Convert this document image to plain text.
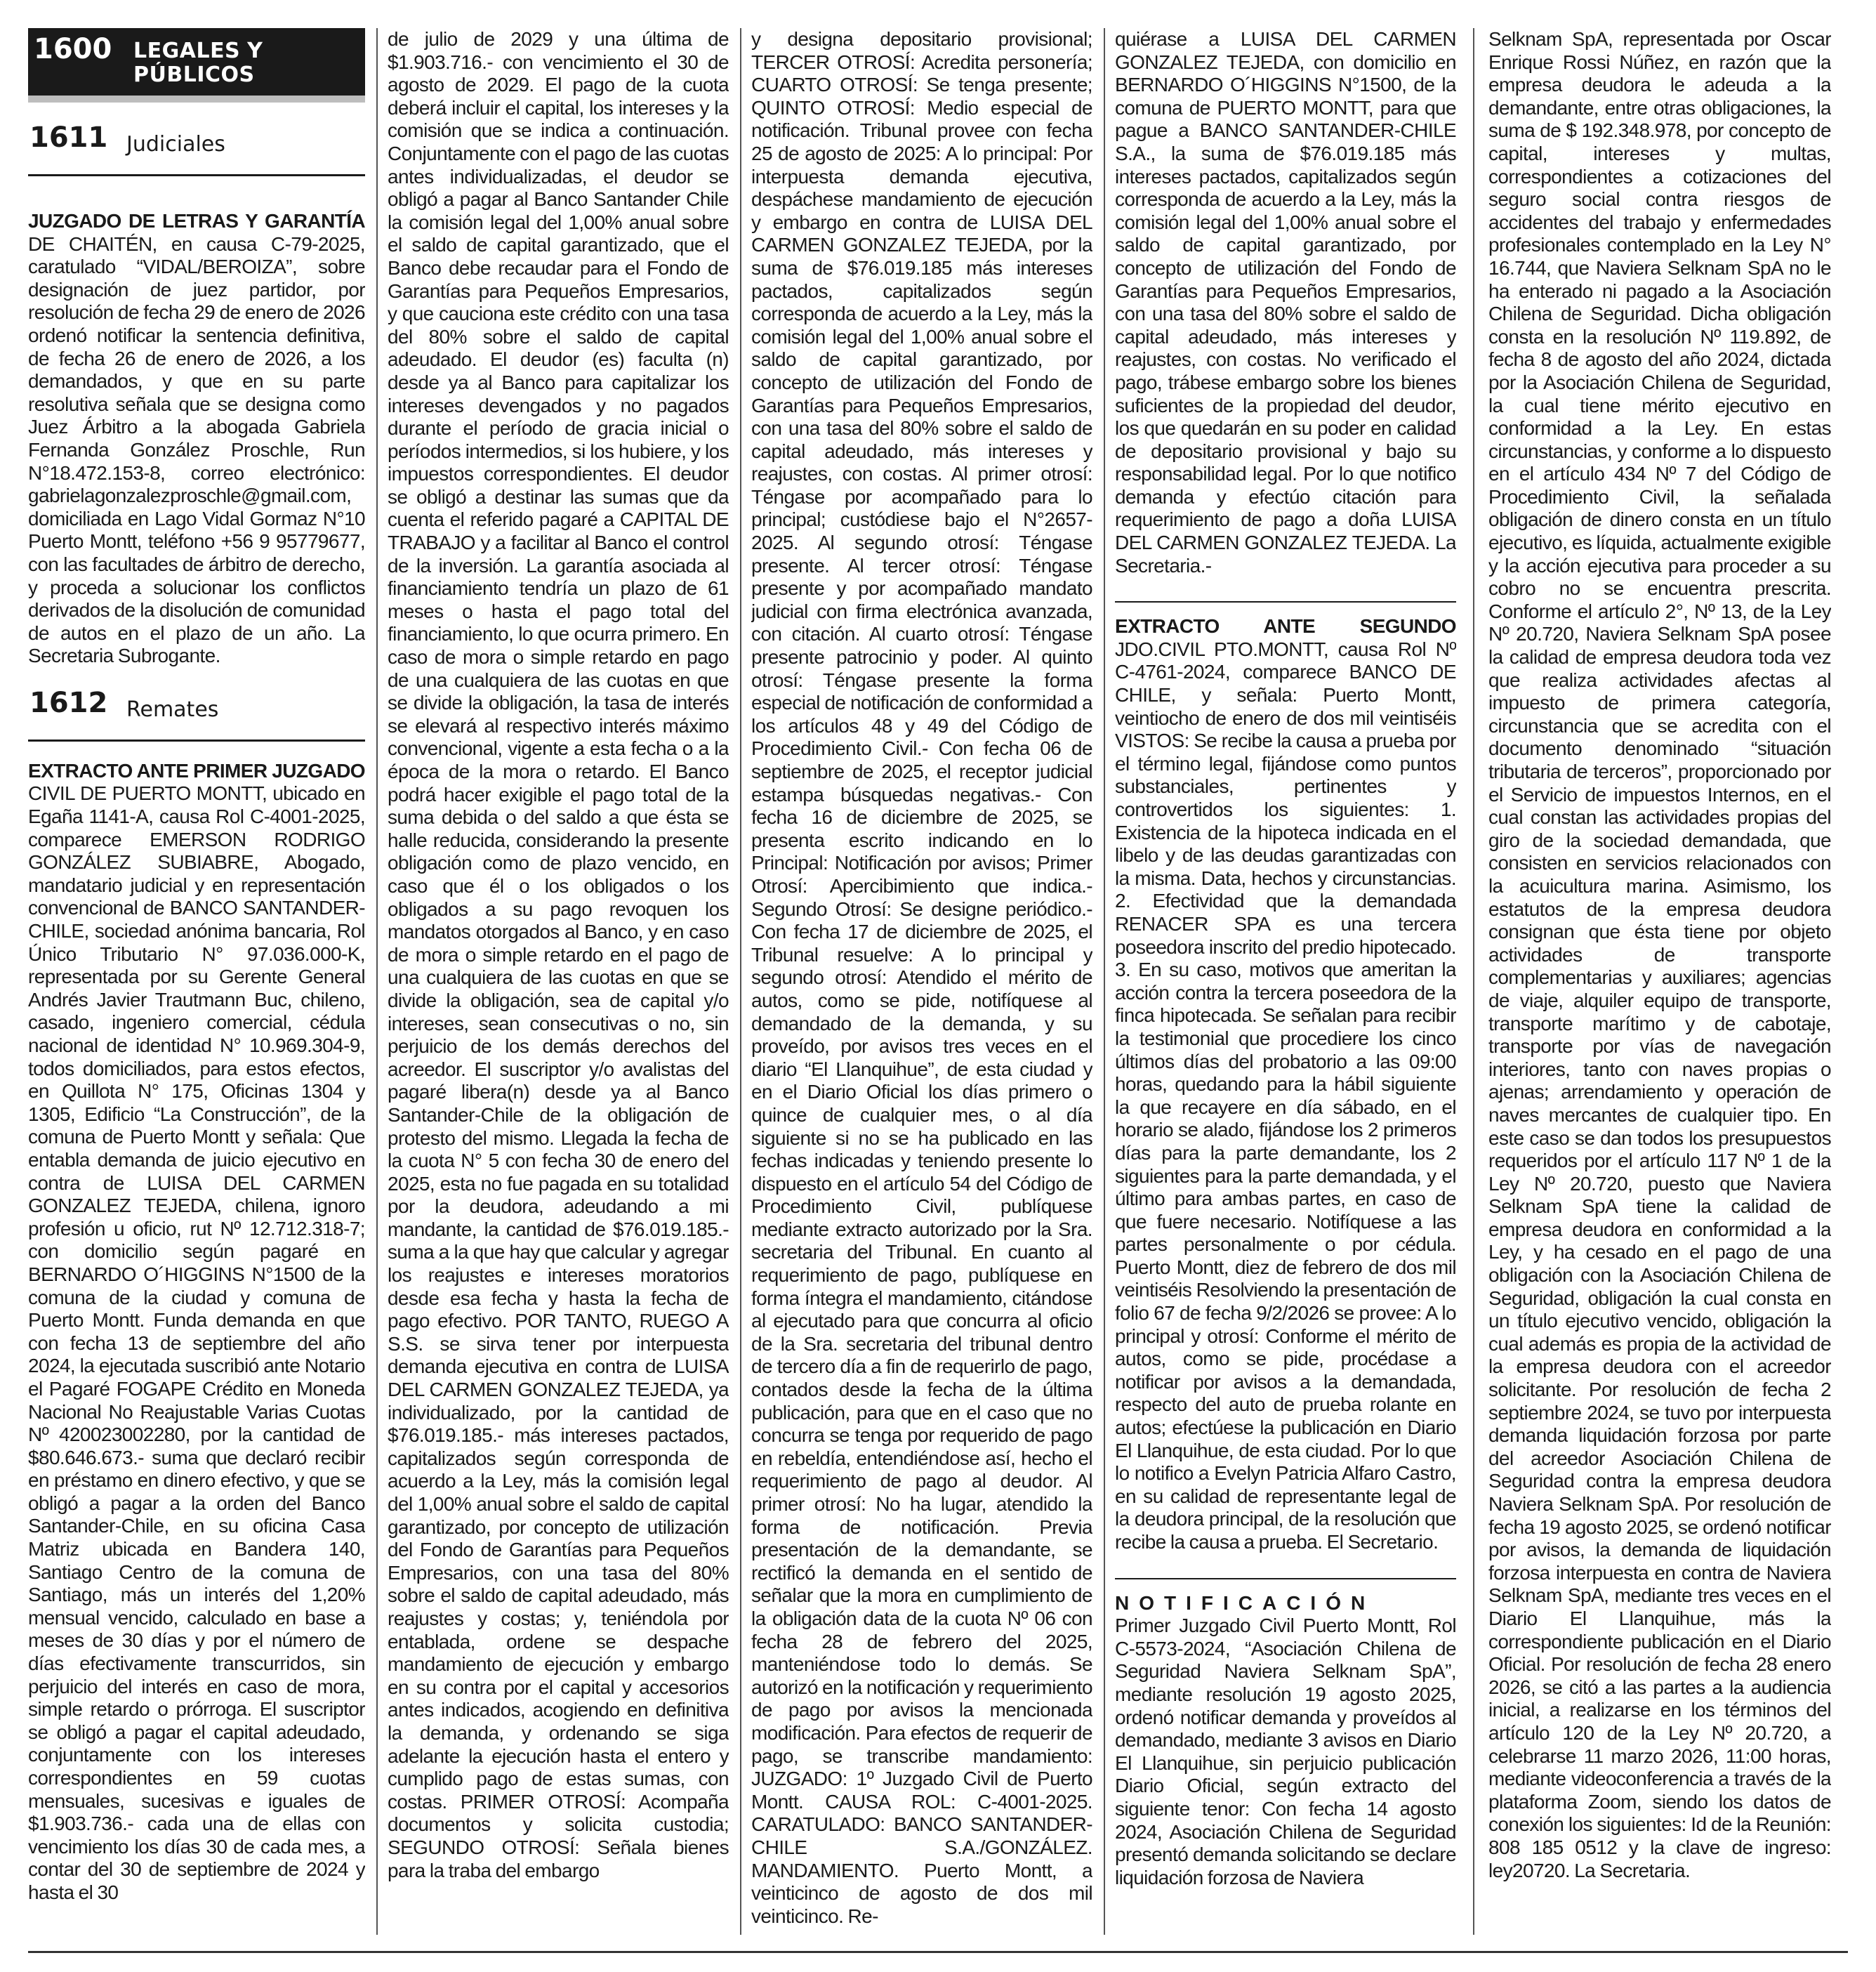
1600 LEGALES Y
PÚBLICOS
1611 Judiciales

JUZGADO DE LETRAS Y GARANTÍA DE CHAITÉN, en causa C-79-2025, caratulado “VIDAL/BEROIZA”, sobre designación de juez partidor, por resolución de fecha 29 de enero de 2026 ordenó notificar la sentencia definitiva, de fecha 26 de enero de 2026, a los demandados, y que en su parte resolutiva señala que se designa como Juez Árbitro a la abogada Gabriela Fernanda González Proschle, Run N°18.472.153-8, correo electrónico: gabrielagonzalezproschle@gmail.com, domiciliada en Lago Vidal Gormaz N°10 Puerto Montt, teléfono +56 9 95779677, con las facultades de árbitro de derecho, y procedа a solucionar los conflictos derivados de la disolución de comunidad de autos en el plazo de un año. La Secretaria Subrogante.

1612 Remates

EXTRACTO ANTE PRIMER JUZGADO CIVIL DE PUERTO MONTT, ubicado en Egaña 1141-A, causa Rol C-4001-2025, comparece EMERSON RODRIGO GONZÁLEZ SUBIABRE, Abogado, mandatario judicial y en representación convencional de BANCO SANTANDER-CHILE, sociedad anónima bancaria, Rol Único Tributario N° 97.036.000-K, representada por su Gerente General Andrés Javier Trautmann Buc, chileno, casado, ingeniero comercial, cédula nacional de identidad N° 10.969.304-9, todos domiciliados, para estos efectos, en Quillota N° 175, Oficinas 1304 y 1305, Edificio “La Construcción”, de la comuna de Puerto Montt y señala: Que entabla demanda de juicio ejecutivo en contra de LUISA DEL CARMEN GONZALEZ TEJEDA, chilena, ignoro profesión u oficio, rut Nº 12.712.318-7; con domicilio según pagaré en BERNARDO O´HIGGINS N°1500 de la comuna de la ciudad y comuna de Puerto Montt. Funda demanda en que con fecha 13 de septiembre del año 2024, la ejecutada suscribió ante Notario el Pagaré FOGAPE Crédito en Moneda Nacional No Reajustable Varias Cuotas Nº 420023002280, por la cantidad de $80.646.673.- suma que declaró recibir en préstamo en dinero efectivo, y que se obligó a pagar a la orden del Banco Santander-Chile, en su oficina Casa Matriz ubicada en Bandera 140, Santiago Centro de la comuna de Santiago, más un interés del 1,20% mensual vencido, calculado en base a meses de 30 días y por el número de días efectivamente transcurridos, sin perjuicio del interés en caso de mora, simple retardo o prórroga. El suscriptor se obligó a pagar el capital adeudado, conjuntamente con los intereses correspondientes en 59 cuotas mensuales, sucesivas e iguales de $1.903.736.- cada una de ellas con vencimiento los días 30 de cada mes, a contar del 30 de septiembre de 2024 y hasta el 30

de julio de 2029 y una última de $1.903.716.- con vencimiento el 30 de agosto de 2029. El pago de la cuota deberá incluir el capital, los intereses y la comisión que se indica a continuación. Conjuntamente con el pago de las cuotas antes individualizadas, el deudor se obligó a pagar al Banco Santander Chile la comisión legal del 1,00% anual sobre el saldo de capital garantizado, que el Banco debe recaudar para el Fondo de Garantías para Pequeños Empresarios, y que cauciona este crédito con una tasa del 80% sobre el saldo de capital adeudado. El deudor (es) faculta (n) desde ya al Banco para capitalizar los intereses devengados y no pagados durante el período de gracia inicial o períodos intermedios, si los hubiere, y los impuestos correspondientes. El deudor se obligó a destinar las sumas que da cuenta el referido pagaré a CAPITAL DE TRABAJO y a facilitar al Banco el control de la inversión. La garantía asociada al financiamiento tendría un plazo de 61 meses o hasta el pago total del financiamiento, lo que ocurra primero. En caso de mora o simple retardo en pago de una cualquiera de las cuotas en que se divide la obligación, la tasa de interés se elevará al respectivo interés máximo convencional, vigente a esta fecha o a la época de la mora o retardo. El Banco podrá hacer exigible el pago total de la suma debida o del saldo a que ésta se halle reducida, considerando la presente obligación como de plazo vencido, en caso que él o los obligados o los obligados a su pago revoquen los mandatos otorgados al Banco, y en caso de mora o simple retardo en el pago de una cualquiera de las cuotas en que se divide la obligación, sea de capital y/o intereses, sean consecutivas o no, sin perjuicio de los demás derechos del acreedor. El suscriptor y/o avalistas del pagaré libera(n) desde ya al Banco Santander-Chile de la obligación de protesto del mismo. Llegada la fecha de la cuota N° 5 con fecha 30 de enero del 2025, esta no fue pagada en su totalidad por la deudora, adeudando a mi mandante, la cantidad de $76.019.185.- suma a la que hay que calcular y agregar los reajustes e intereses moratorios desde esa fecha y hasta la fecha de pago efectivo. POR TANTO, RUEGO A S.S. se sirva tener por interpuesta demanda ejecutiva en contra de LUISA DEL CARMEN GONZALEZ TEJEDA, ya individualizado, por la cantidad de $76.019.185.- más intereses pactados, capitalizados según corresponda de acuerdo a la Ley, más la comisión legal del 1,00% anual sobre el saldo de capital garantizado, por concepto de utilización del Fondo de Garantías para Pequeños Empresarios, con una tasa del 80% sobre el saldo de capital adeudado, más reajustes y costas; y, teniéndola por entablada, ordene se despache mandamiento de ejecución y embargo en su contra por el capital y accesorios antes indicados, acogiendo en definitiva la demanda, y ordenando se siga adelante la ejecución hasta el entero y cumplido pago de estas sumas, con costas. PRIMER OTROSÍ: Acompaña documentos y solicita custodia; SEGUNDO OTROSÍ: Señala bienes para la traba del embargo

y designa depositario provisional; TERCER OTROSÍ: Acredita personería; CUARTO OTROSÍ: Se tenga presente; QUINTO OTROSÍ: Medio especial de notificación. Tribunal provee con fecha 25 de agosto de 2025: A lo principal: Por interpuesta demanda ejecutiva, despáchese mandamiento de ejecución y embargo en contra de LUISA DEL CARMEN GONZALEZ TEJEDA, por la suma de $76.019.185 más intereses pactados, capitalizados según corresponda de acuerdo a la Ley, más la comisión legal del 1,00% anual sobre el saldo de capital garantizado, por concepto de utilización del Fondo de Garantías para Pequeños Empresarios, con una tasa del 80% sobre el saldo de capital adeudado, más intereses y reajustes, con costas. Al primer otrosí: Téngase por acompañado para lo principal; custódiese bajo el N°2657-2025. Al segundo otrosí: Téngase presente. Al tercer otrosí: Téngase presente y por acompañado mandato judicial con firma electrónica avanzada, con citación. Al cuarto otrosí: Téngase presente patrocinio y poder. Al quinto otrosí: Téngase presente la forma especial de notificación de conformidad a los artículos 48 y 49 del Código de Procedimiento Civil.- Con fecha 06 de septiembre de 2025, el receptor judicial estampa búsquedas negativas.- Con fecha 16 de diciembre de 2025, se presenta escrito indicando en lo Principal: Notificación por avisos; Primer Otrosí: Apercibimiento que indica.- Segundo Otrosí: Se designe periódico.- Con fecha 17 de diciembre de 2025, el Tribunal resuelve: A lo principal y segundo otrosí: Atendido el mérito de autos, como se pide, notifíquese al demandado de la demanda, y su proveído, por avisos tres veces en el diario “El Llanquihue”, de esta ciudad y en el Diario Oficial los días primero o quince de cualquier mes, o al día siguiente si no se ha publicado en las fechas indicadas y teniendo presente lo dispuesto en el artículo 54 del Código de Procedimiento Civil, publíquese mediante extracto autorizado por la Sra. secretaria del Tribunal. En cuanto al requerimiento de pago, publíquese en forma íntegra el mandamiento, citándose al ejecutado para que concurra al oficio de la Sra. secretaria del tribunal dentro de tercero día a fin de requerirlo de pago, contados desde la fecha de la última publicación, para que en el caso que no concurra se tenga por requerido de pago en rebeldía, entendiéndose así, hecho el requerimiento de pago al deudor. Al primer otrosí: No ha lugar, atendido la forma de notificación. Previa presentación de la demandante, se rectificó la demanda en el sentido de señalar que la mora en cumplimiento de la obligación data de la cuota Nº 06 con fecha 28 de febrero del 2025, manteniéndose todo lo demás. Se autorizó en la notificación y requerimiento de pago por avisos la mencionada modificación. Para efectos de requerir de pago, se transcribe mandamiento: JUZGADO: 1º Juzgado Civil de Puerto Montt. CAUSA ROL: C-4001-2025. CARATULADO: BANCO SANTANDER-CHILE S.A./GONZÁLEZ. MANDAMIENTO. Puerto Montt, a veinticinco de agosto de dos mil veinticinco. Re-

quiérase a LUISA DEL CARMEN GONZALEZ TEJEDA, con domicilio en BERNARDO O´HIGGINS N°1500, de la comuna de PUERTO MONTT, para que pague a BANCO SANTANDER-CHILE S.A., la suma de $76.019.185 más intereses pactados, capitalizados según corresponda de acuerdo a la Ley, más la comisión legal del 1,00% anual sobre el saldo de capital garantizado, por concepto de utilización del Fondo de Garantías para Pequeños Empresarios, con una tasa del 80% sobre el saldo de capital adeudado, más intereses y reajustes, con costas. No verificado el pago, trábese embargo sobre los bienes suficientes de la propiedad del deudor, los que quedarán en su poder en calidad de depositario provisional y bajo su responsabilidad legal. Por lo que notifico demanda y efectúo citación para requerimiento de pago a doña LUISA DEL CARMEN GONZALEZ TEJEDA. La Secretaria.-

EXTRACTO ANTE SEGUNDO JDO.CIVIL PTO.MONTT, causa Rol Nº C-4761-2024, comparece BANCO DE CHILE, y señala: Puerto Montt, veintiocho de enero de dos mil veintiséis VISTOS: Se recibe la causa a prueba por el término legal, fijándose como puntos substanciales, pertinentes y controvertidos los siguientes: 1. Existencia de la hipoteca indicada en el libelo y de las deudas garantizadas con la misma. Data, hechos y circunstancias. 2. Efectividad que la demandada RENACER SPA es una tercera poseedora inscrito del predio hipotecado. 3. En su caso, motivos que ameritan la acción contra la tercera poseedora de la finca hipotecada. Se señalan para recibir la testimonial que procediere los cinco últimos días del probatorio a las 09:00 horas, quedando para la hábil siguiente la que recayere en día sábado, en el horario se alado, fijándose los 2 primeros días para la parte demandante, los 2 siguientes para la parte demandada, y el último para ambas partes, en caso de que fuere necesario. Notifíquese a las partes personalmente o por cédula. Puerto Montt, diez de febrero de dos mil veintiséis Resolviendo la presentación de folio 67 de fecha 9/2/2026 se provee: A lo principal y otrosí: Conforme el mérito de autos, como se pide, procédase a notificar por avisos a la demandada, respecto del auto de prueba rolante en autos; efectúese la publicación en Diario El Llanquihue, de esta ciudad. Por lo que lo notifico a Evelyn Patricia Alfaro Castro, en su calidad de representante legal de la deudora principal, de la resolución que recibe la causa a prueba. El Secretario.

NOTIFICACIÓN
Primer Juzgado Civil Puerto Montt, Rol C-5573-2024, “Asociación Chilena de Seguridad Naviera Selknam SpA”, mediante resolución 19 agosto 2025, ordenó notificar demanda y proveídos al demandado, mediante 3 avisos en Diario El Llanquihue, sin perjuicio publicación Diario Oficial, según extracto del siguiente tenor: Con fecha 14 agosto 2024, Asociación Chilena de Seguridad presentó demanda solicitando se declare liquidación forzosa de Naviera

Selknam SpA, representada por Oscar Enrique Rossi Núñez, en razón que la empresa deudora le adeuda a la demandante, entre otras obligaciones, la suma de $ 192.348.978, por concepto de capital, intereses y multas, correspondientes a cotizaciones del seguro social contra riesgos de accidentes del trabajo y enfermedades profesionales contemplado en la Ley N° 16.744, que Naviera Selknam SpA no le ha enterado ni pagado a la Asociación Chilena de Seguridad. Dicha obligación consta en la resolución Nº 119.892, de fecha 8 de agosto del año 2024, dictada por la Asociación Chilena de Seguridad, la cual tiene mérito ejecutivo en conformidad a la Ley. En estas circunstancias, y conforme a lo dispuesto en el artículo 434 Nº 7 del Código de Procedimiento Civil, la señalada obligación de dinero consta en un título ejecutivo, es líquida, actualmente exigible y la acción ejecutiva para proceder a su cobro no se encuentra prescrita. Conforme el artículo 2°, Nº 13, de la Ley Nº 20.720, Naviera Selknam SpA posee la calidad de empresa deudora toda vez que realiza actividades afectas al impuesto de primera categoría, circunstancia que se acredita con el documento denominado “situación tributaria de terceros”, proporcionado por el Servicio de impuestos Internos, en el cual constan las actividades propias del giro de la sociedad demandada, que consisten en servicios relacionados con la acuicultura marina. Asimismo, los estatutos de la empresa deudora consignan que ésta tiene por objeto actividades de transporte complementarias y auxiliares; agencias de viaje, alquiler equipo de transporte, transporte marítimo y de cabotaje, transporte por vías de navegación interiores, tanto con naves propias o ajenas; arrendamiento y operación de naves mercantes de cualquier tipo. En este caso se dan todos los presupuestos requeridos por el artículo 117 Nº 1 de la Ley Nº 20.720, puesto que Naviera Selknam SpA tiene la calidad de empresa deudora en conformidad a la Ley, y ha cesado en el pago de una obligación con la Asociación Chilena de Seguridad, obligación la cual consta en un título ejecutivo vencido, obligación la cual además es propia de la actividad de la empresa deudora con el acreedor solicitante. Por resolución de fecha 2 septiembre 2024, se tuvo por interpuesta demanda liquidación forzosa por parte del acreedor Asociación Chilena de Seguridad contra la empresa deudora Naviera Selknam SpA. Por resolución de fecha 19 agosto 2025, se ordenó notificar por avisos, la demanda de liquidación forzosa interpuesta en contra de Naviera Selknam SpA, mediante tres veces en el Diario El Llanquihue, más la correspondiente publicación en el Diario Oficial. Por resolución de fecha 28 enero 2026, se citó a las partes a la audiencia inicial, a realizarse en los términos del artículo 120 de la Ley Nº 20.720, a celebrarse 11 marzo 2026, 11:00 horas, mediante videoconferencia a través de la plataforma Zoom, siendo los datos de conexión los siguientes: Id de la Reunión: 808 185 0512 y la clave de ingreso: ley20720. La Secretaria.
